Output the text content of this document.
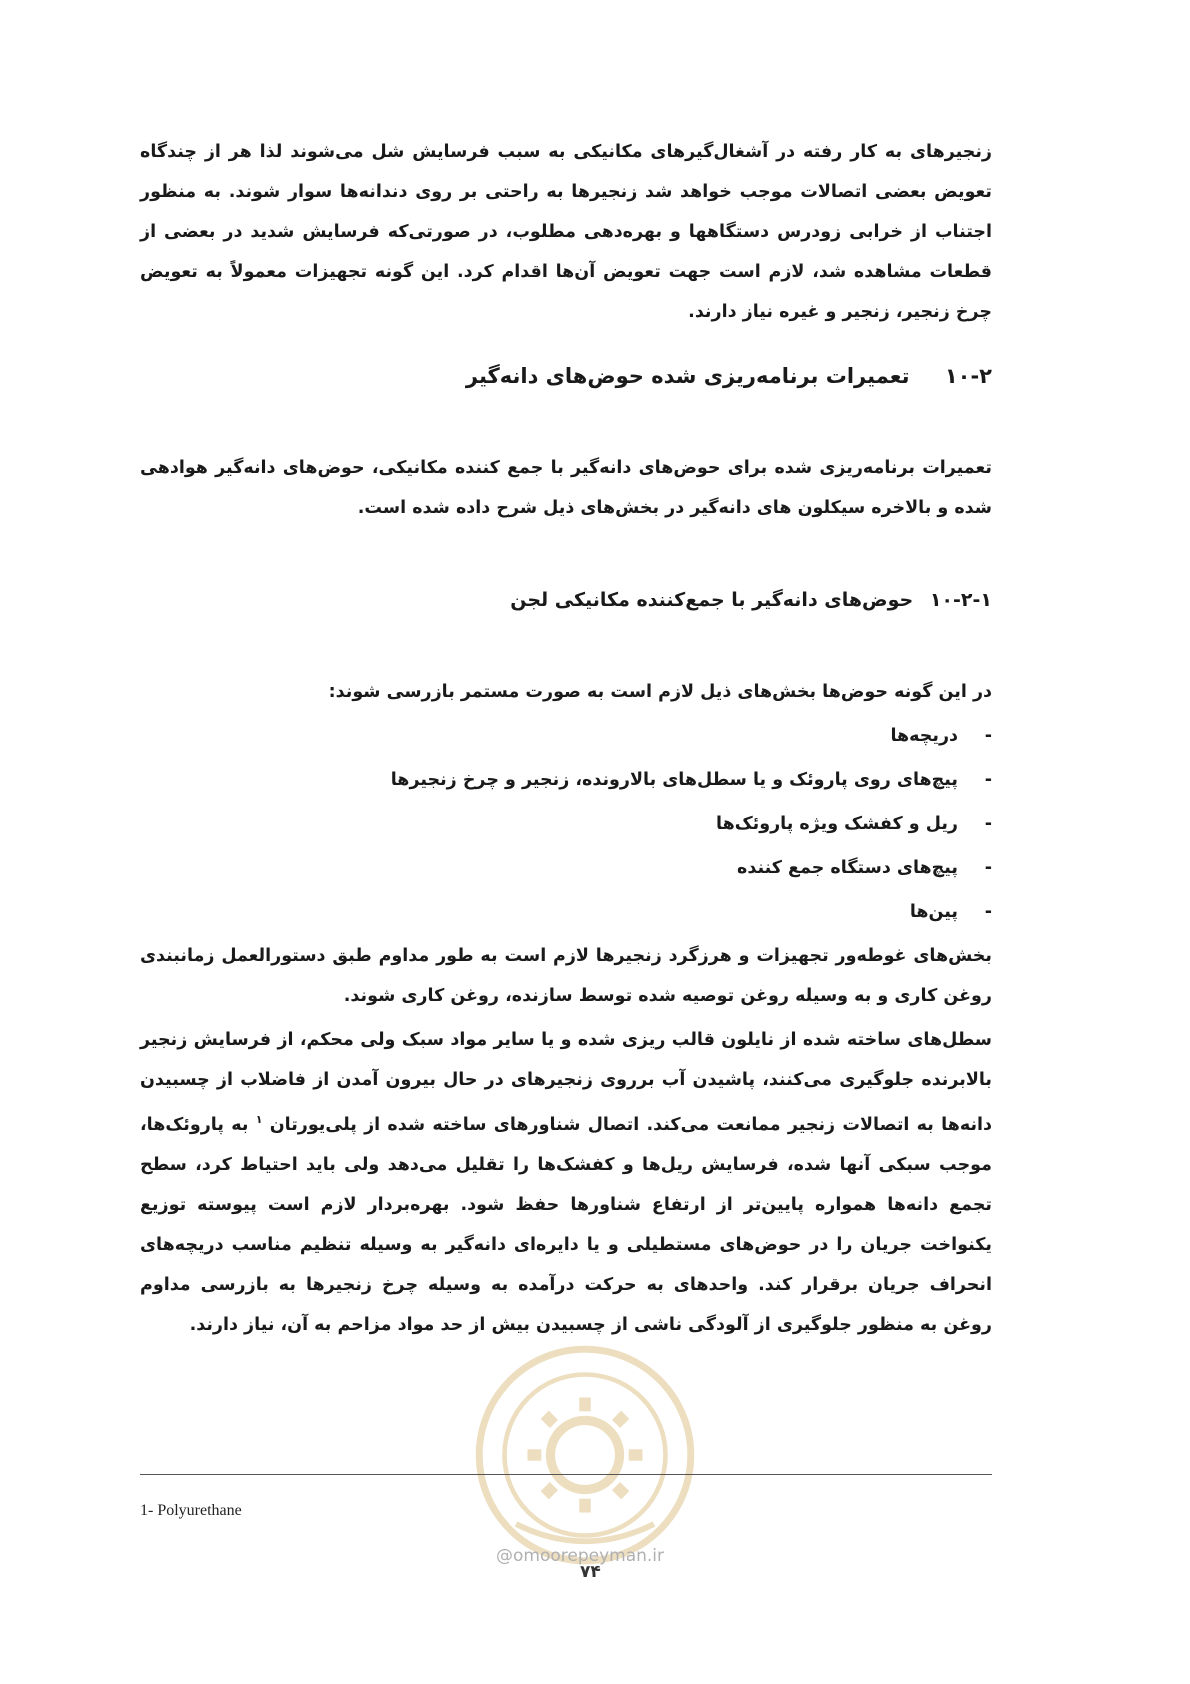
زنجیرهای به کار رفته در آشغال‌گیرهای مکانیکی به سبب فرسایش شل می‌شوند لذا هر از چندگاه تعویض بعضی اتصالات موجب خواهد شد زنجیرها به راحتی بر روی دندانه‌ها سوار شوند. به منظور اجتناب از خرابی زودرس دستگاهها و بهره‌دهی مطلوب، در صورتی‌که فرسایش شدید در بعضی از قطعات مشاهده شد، لازم است جهت تعویض آن‌ها اقدام کرد. این گونه تجهیزات معمولاً به تعویض چرخ زنجیر، زنجیر و غیره نیاز دارند.

۱۰-۲ تعمیرات برنامه‌ریزی شده حوض‌های دانه‌گیر

تعمیرات برنامه‌ریزی شده برای حوض‌های دانه‌گیر با جمع کننده مکانیکی، حوض‌های دانه‌گیر هوادهی شده و بالاخره سیکلون های دانه‌گیر در بخش‌های ذیل شرح داده شده است.

۱۰-۲-۱ حوض‌های دانه‌گیر با جمع‌کننده مکانیکی لجن

در این گونه حوض‌ها بخش‌های ذیل لازم است به صورت مستمر بازرسی شوند:

-دریچه‌ها
-پیچ‌های روی پاروئک و یا سطل‌های بالارونده، زنجیر و چرخ زنجیرها
-ریل و کفشک ویژه پاروئک‌ها
-پیچ‌های دستگاه جمع کننده
-پین‌ها

بخش‌های غوطه‌ور تجهیزات و هرزگرد زنجیرها لازم است به طور مداوم طبق دستورالعمل زمانبندی روغن کاری و به وسیله روغن توصیه شده توسط سازنده، روغن کاری شوند.

سطل‌های ساخته شده از نایلون قالب ریزی شده و یا سایر مواد سبک ولی محکم، از فرسایش زنجیر بالابرنده جلوگیری می‌کنند، پاشیدن آب برروی زنجیرهای در حال بیرون آمدن از فاضلاب از چسبیدن دانه‌ها به اتصالات زنجیر ممانعت می‌کند. اتصال شناورهای ساخته شده از پلی‌یورتان $^۱$ به پاروئک‌ها، موجب سبکی آنها شده، فرسایش ریل‌ها و کفشک‌ها را تقلیل می‌دهد ولی باید احتیاط کرد، سطح تجمع دانه‌ها همواره پایین‌تر از ارتفاع شناورها حفظ شود. بهره‌بردار لازم است پیوسته توزیع یکنواخت جریان را در حوض‌های مستطیلی و یا دایره‌ای دانه‌گیر به وسیله تنظیم مناسب دریچه‌های انحراف جریان برقرار کند. واحدهای به حرکت درآمده به وسیله چرخ زنجیرها به بازرسی مداوم روغن به منظور جلوگیری از آلودگی ناشی از چسبیدن بیش از حد مواد مزاحم به آن، نیاز دارند.

1- Polyurethane
@omoorepeyman.ir
۷۴
